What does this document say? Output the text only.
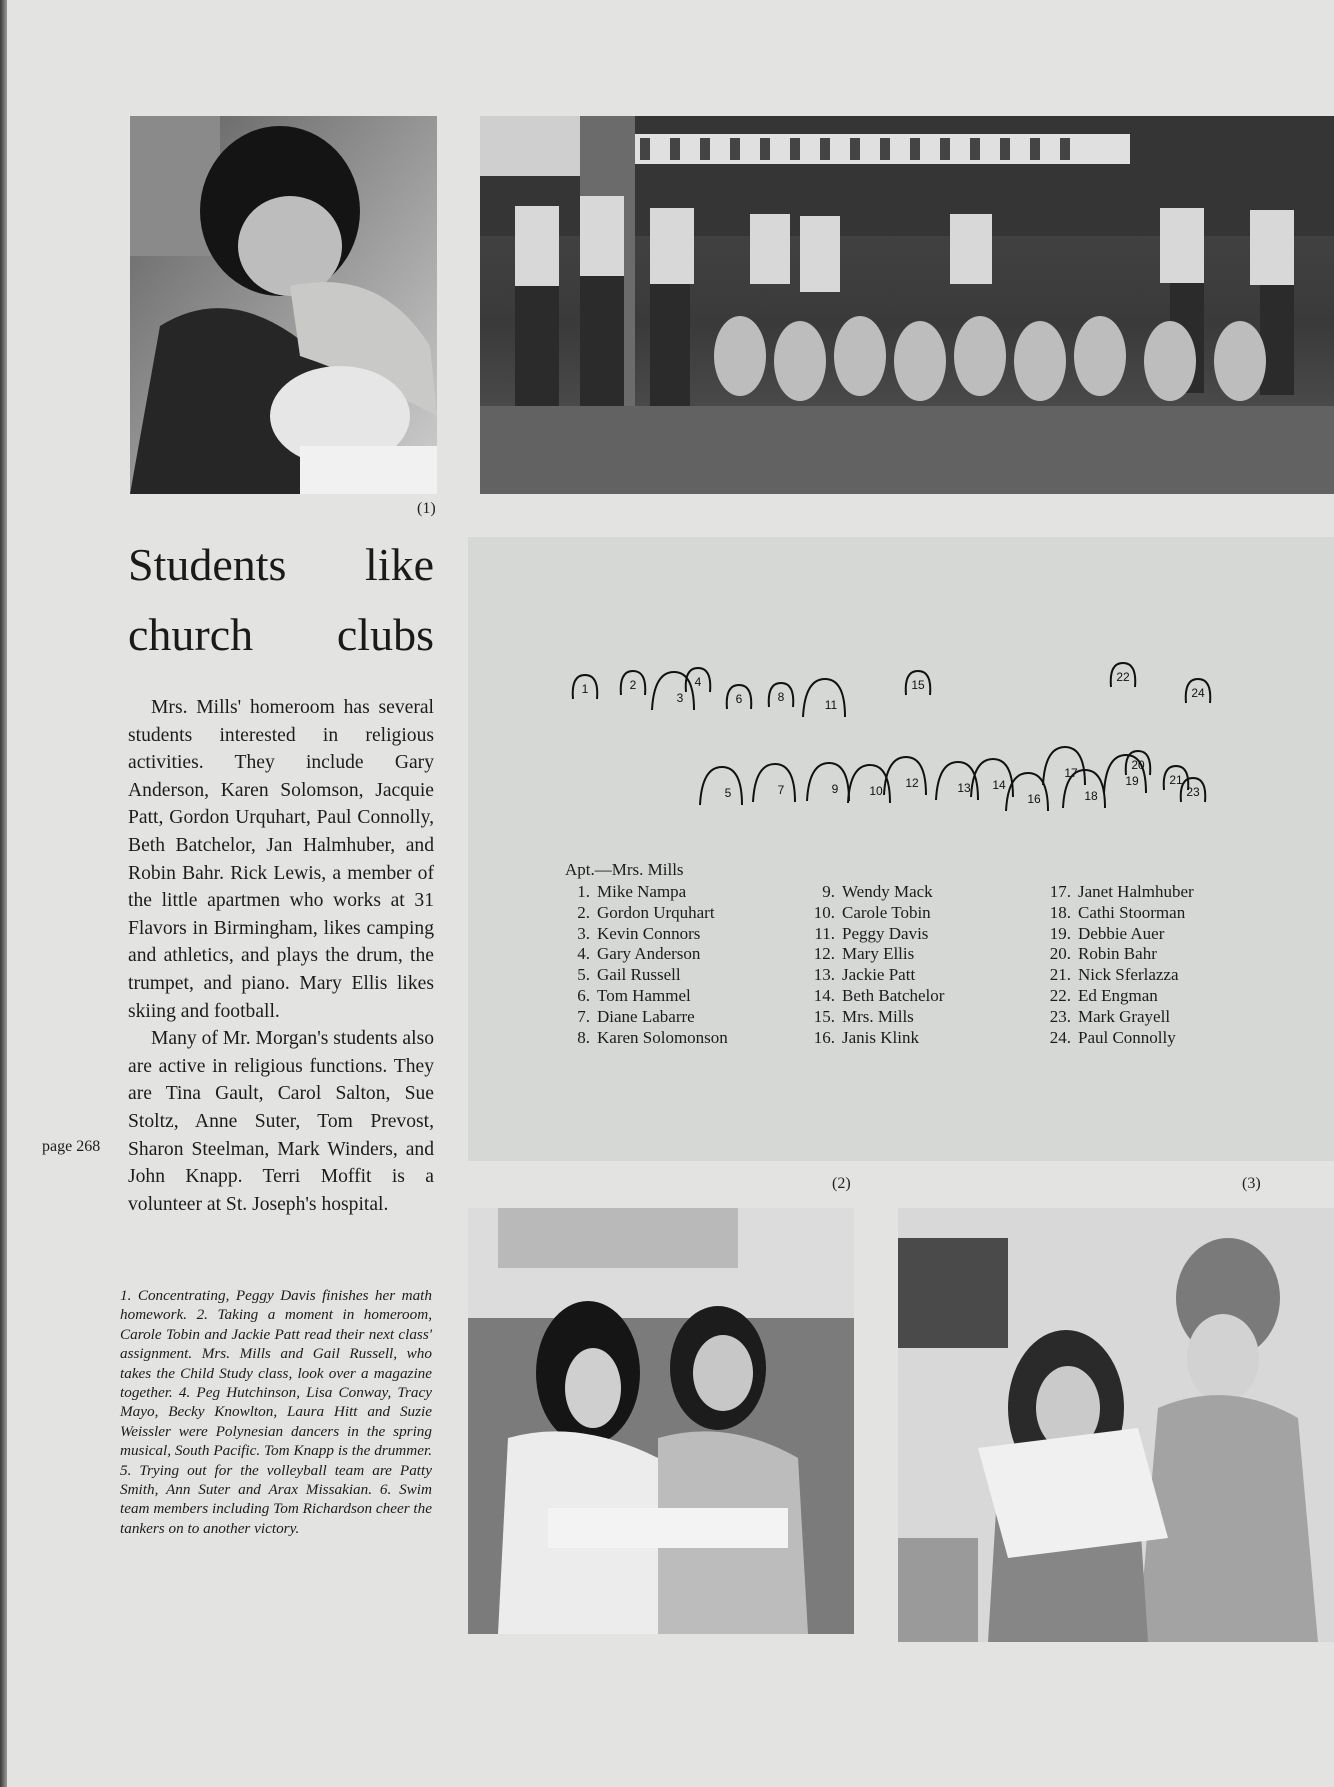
(1)
Students like
church clubs

Mrs. Mills' homeroom has several students interested in religious activities. They include Gary Anderson, Karen Solomson, Jacquie Patt, Gordon Urquhart, Paul Connolly, Beth Batchelor, Jan Halmhuber, and Robin Bahr. Rick Lewis, a member of the little apartmen who works at 31 Flavors in Birmingham, likes camping and athletics, and plays the drum, the trumpet, and piano. Mary Ellis likes skiing and football.

Many of Mr. Morgan's students also are active in religious functions. They are Tina Gault, Carol Salton, Sue Stoltz, Anne Suter, Tom Prevost, Sharon Steelman, Mark Winders, and John Knapp. Terri Moffit is a volunteer at St. Joseph's hospital.

page 268

1. Concentrating, Peggy Davis finishes her math homework. 2. Taking a moment in homeroom, Carole Tobin and Jackie Patt read their next class' assignment. Mrs. Mills and Gail Russell, who takes the Child Study class, look over a magazine together. 4. Peg Hutchinson, Lisa Conway, Tracy Mayo, Becky Knowlton, Laura Hitt and Suzie Weissler were Polynesian dancers in the spring musical, South Pacific. Tom Knapp is the drummer. 5. Trying out for the volleyball team are Patty Smith, Ann Suter and Arax Missakian. 6. Swim team members including Tom Richardson cheer the tankers on to another victory.

1	2
3
4
6	8
11
15
22
24
5	7	9	10
12	13 14
16
17
18
19
20
21
23
Apt.—Mrs. Mills
1. Mike Nampa
2. Gordon Urquhart
3. Kevin Connors
4. Gary Anderson
5. Gail Russell
6. Tom Hammel
7. Diane Labarre
8. Karen Solomonson
9. Wendy Mack
10. Carole Tobin
11. Peggy Davis
12. Mary Ellis
13. Jackie Patt
14. Beth Batchelor
15. Mrs. Mills
16. Janis Klink
17. Janet Halmhuber
18. Cathi Stoorman
19. Debbie Auer
20. Robin Bahr
21. Nick Sferlazza
22. Ed Engman
23. Mark Grayell
24. Paul Connolly
(2)	(3)
